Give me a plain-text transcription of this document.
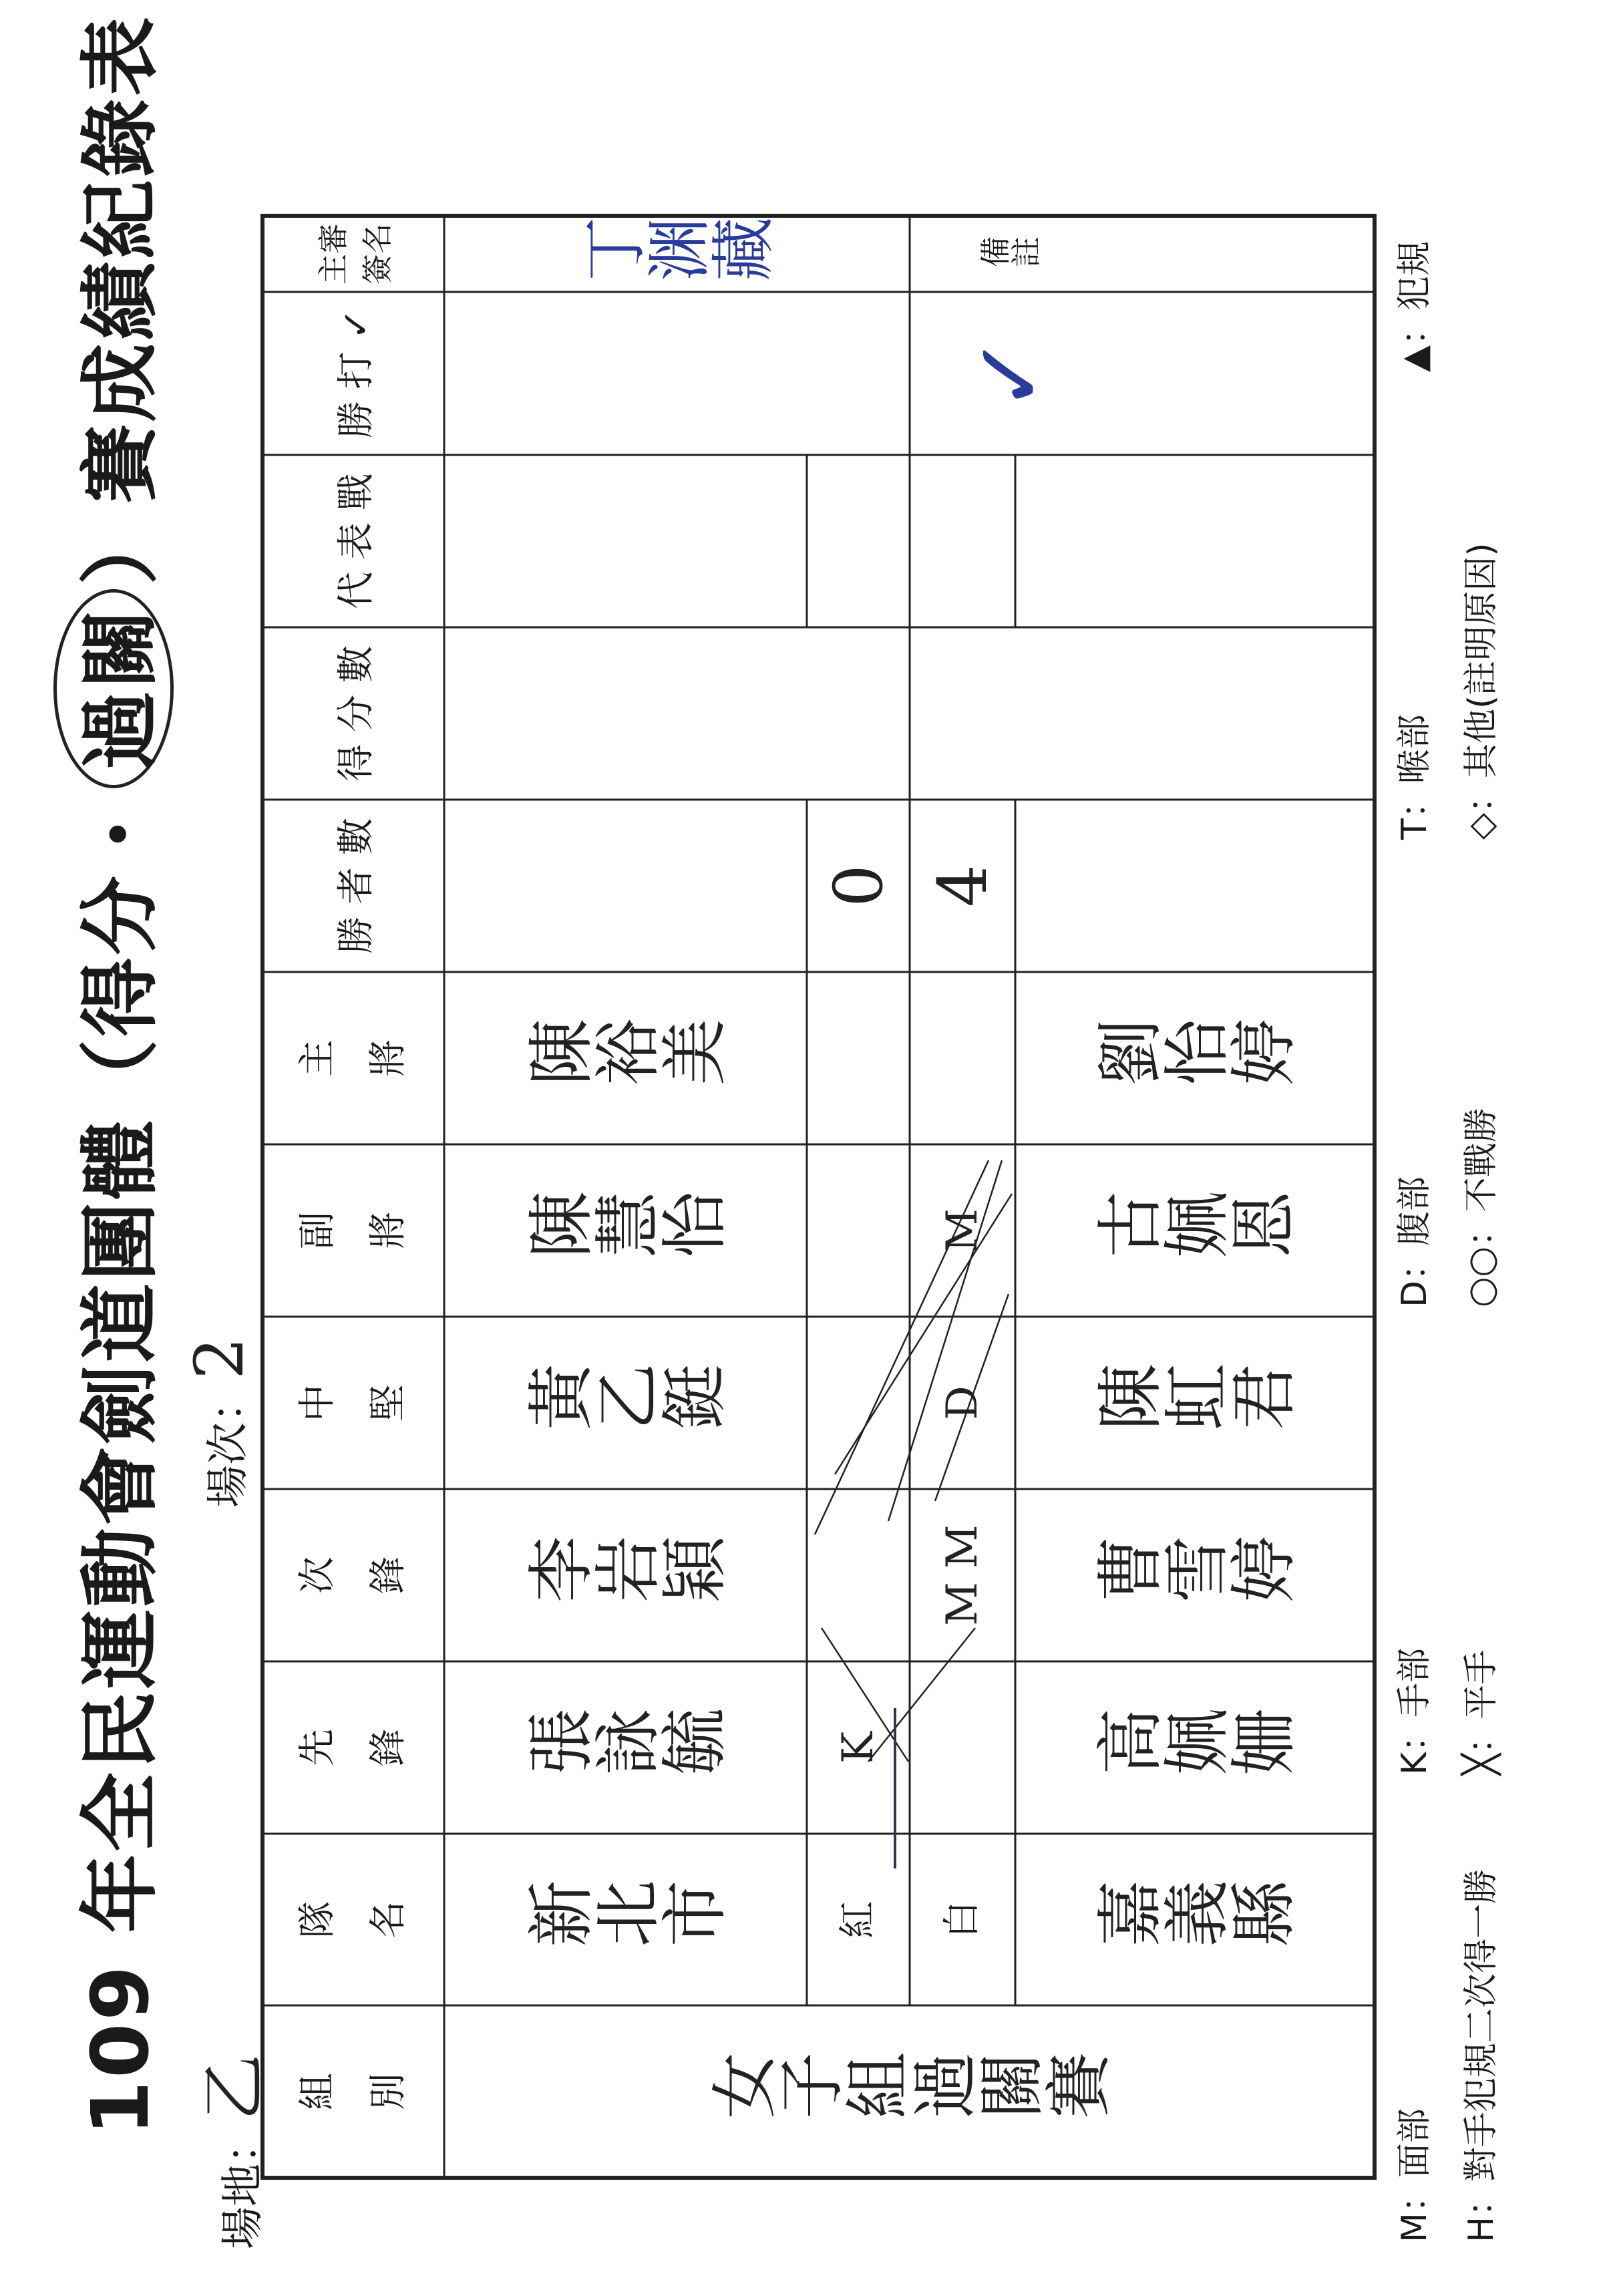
109 年全民運動會劍道團體（得分・過關）賽成績紀錄表
場地：乙
場次：2
組 別
隊 名
先 鋒
次 鋒
中 堅
副 將
主 將
勝 者 數
得 分 數
代 表 戰
勝 打 ✓
主審
簽名
女子組過關賽
新北市
張詠毓
李岩穎
黃乙鋌
陳慧怡
陳裕美
0
紅
K
白
M M
D
M
4
嘉義縣
高姵姍
曹雪婷
陳虹君
古姵恩
劉怡婷
✓
丁渊藏	備註
M：面部
K：手部
D：腹部
T：喉部
▲：犯規
H：對手犯規二次得一勝
╳：平手
○○：不戰勝
◇：其他(註明原因)
